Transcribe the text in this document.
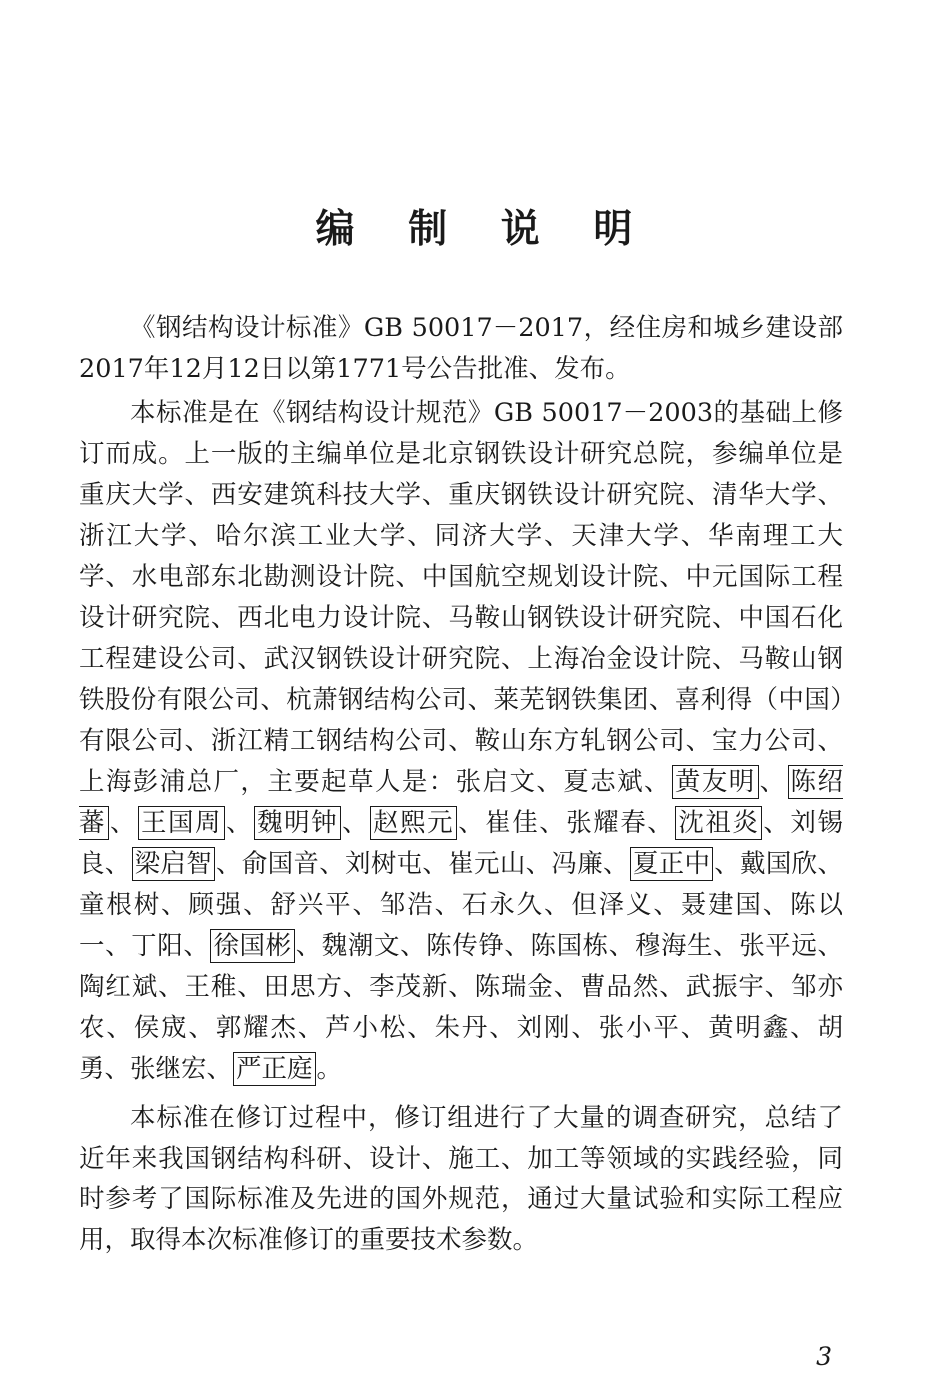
编 制 说 明

《钢结构设计标准》GB 50017－2017，经住房和城乡建设部2017年12月12日以第1771号公告批准、发布。

本标准是在《钢结构设计规范》GB 50017－2003的基础上修订而成。上一版的主编单位是北京钢铁设计研究总院，参编单位是重庆大学、西安建筑科技大学、重庆钢铁设计研究院、清华大学、浙江大学、哈尔滨工业大学、同济大学、天津大学、华南理工大学、水电部东北勘测设计院、中国航空规划设计院、中元国际工程设计研究院、西北电力设计院、马鞍山钢铁设计研究院、中国石化工程建设公司、武汉钢铁设计研究院、上海冶金设计院、马鞍山钢铁股份有限公司、杭萧钢结构公司、莱芜钢铁集团、喜利得（中国）有限公司、浙江精工钢结构公司、鞍山东方轧钢公司、宝力公司、上海彭浦总厂，主要起草人是：张启文、夏志斌、 黄友明 、 陈绍蕃 、 王国周 、 魏明钟 、 赵熙元 、崔佳、张耀春、 沈祖炎 、刘锡良、 梁启智 、俞国音、刘树屯、崔元山、冯廉、 夏正中 、戴国欣、童根树、顾强、舒兴平、邹浩、石永久、但泽义、聂建国、陈以一、丁阳、 徐国彬 、魏潮文、陈传铮、陈国栋、穆海生、张平远、陶红斌、王稚、田思方、李茂新、陈瑞金、曹品然、武振宇、邹亦农、侯宬、郭耀杰、芦小松、朱丹、刘刚、张小平、黄明鑫、胡勇、张继宏、 严正庭 。

本标准在修订过程中，修订组进行了大量的调查研究，总结了近年来我国钢结构科研、设计、施工、加工等领域的实践经验，同时参考了国际标准及先进的国外规范，通过大量试验和实际工程应用，取得本次标准修订的重要技术参数。

3
